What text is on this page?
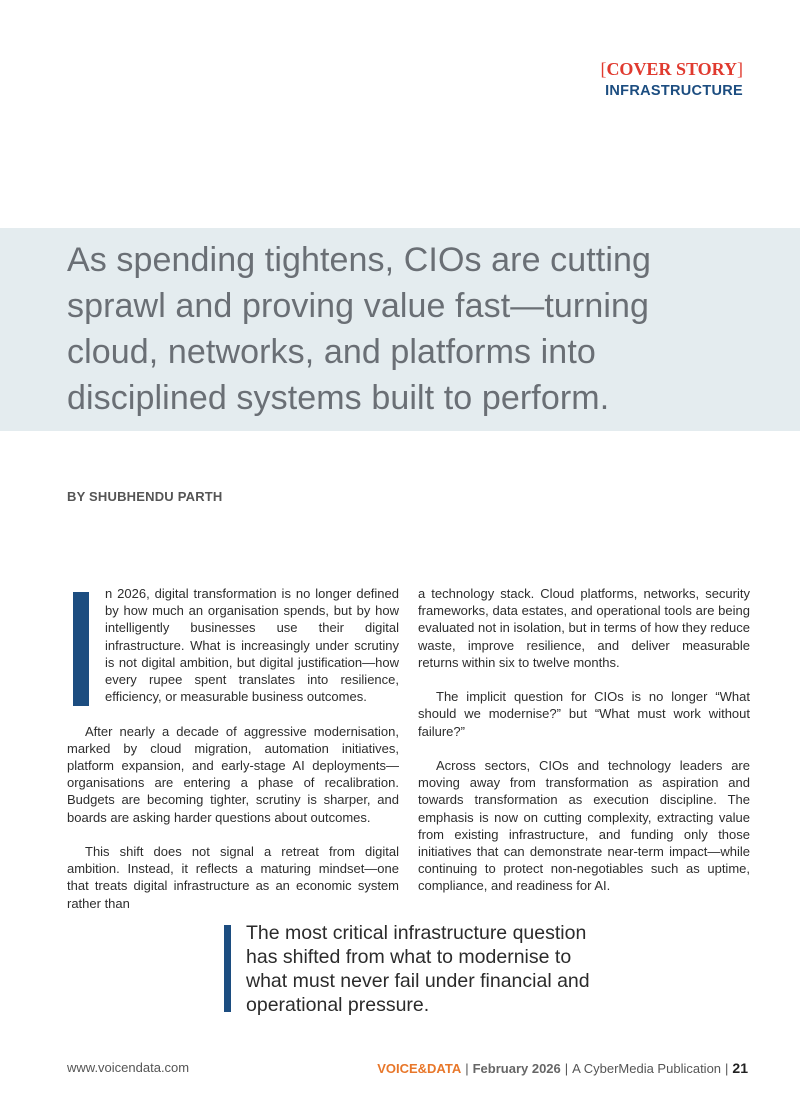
[COVER STORY]
INFRASTRUCTURE
As spending tightens, CIOs are cutting sprawl and proving value fast—turning cloud, networks, and platforms into disciplined systems built to perform.
BY SHUBHENDU PARTH

n 2026, digital transformation is no longer defined by how much an organisation spends, but by how intelligently businesses use their digital infrastructure. What is increasingly under scrutiny is not digital ambition, but digital justification—how every rupee spent translates into resilience, efficiency, or measurable business outcomes.

After nearly a decade of aggressive modernisation, marked by cloud migration, automation initiatives, platform expansion, and early-stage AI deployments—organisations are entering a phase of recalibration. Budgets are becoming tighter, scrutiny is sharper, and boards are asking harder questions about outcomes.

This shift does not signal a retreat from digital ambition. Instead, it reflects a maturing mindset—one that treats digital infrastructure as an economic system rather than

a technology stack. Cloud platforms, networks, security frameworks, data estates, and operational tools are being evaluated not in isolation, but in terms of how they reduce waste, improve resilience, and deliver measurable returns within six to twelve months.

The implicit question for CIOs is no longer “What should we modernise?” but “What must work without failure?”

Across sectors, CIOs and technology leaders are moving away from transformation as aspiration and towards transformation as execution discipline. The emphasis is now on cutting complexity, extracting value from existing infrastructure, and funding only those initiatives that can demonstrate near-term impact—while continuing to protect non-negotiables such as uptime, compliance, and readiness for AI.

The most critical infrastructure question has shifted from what to modernise to what must never fail under financial and operational pressure.
www.voicendata.com	VOICE&DATA | February 2026 | A CyberMedia Publication | 21
